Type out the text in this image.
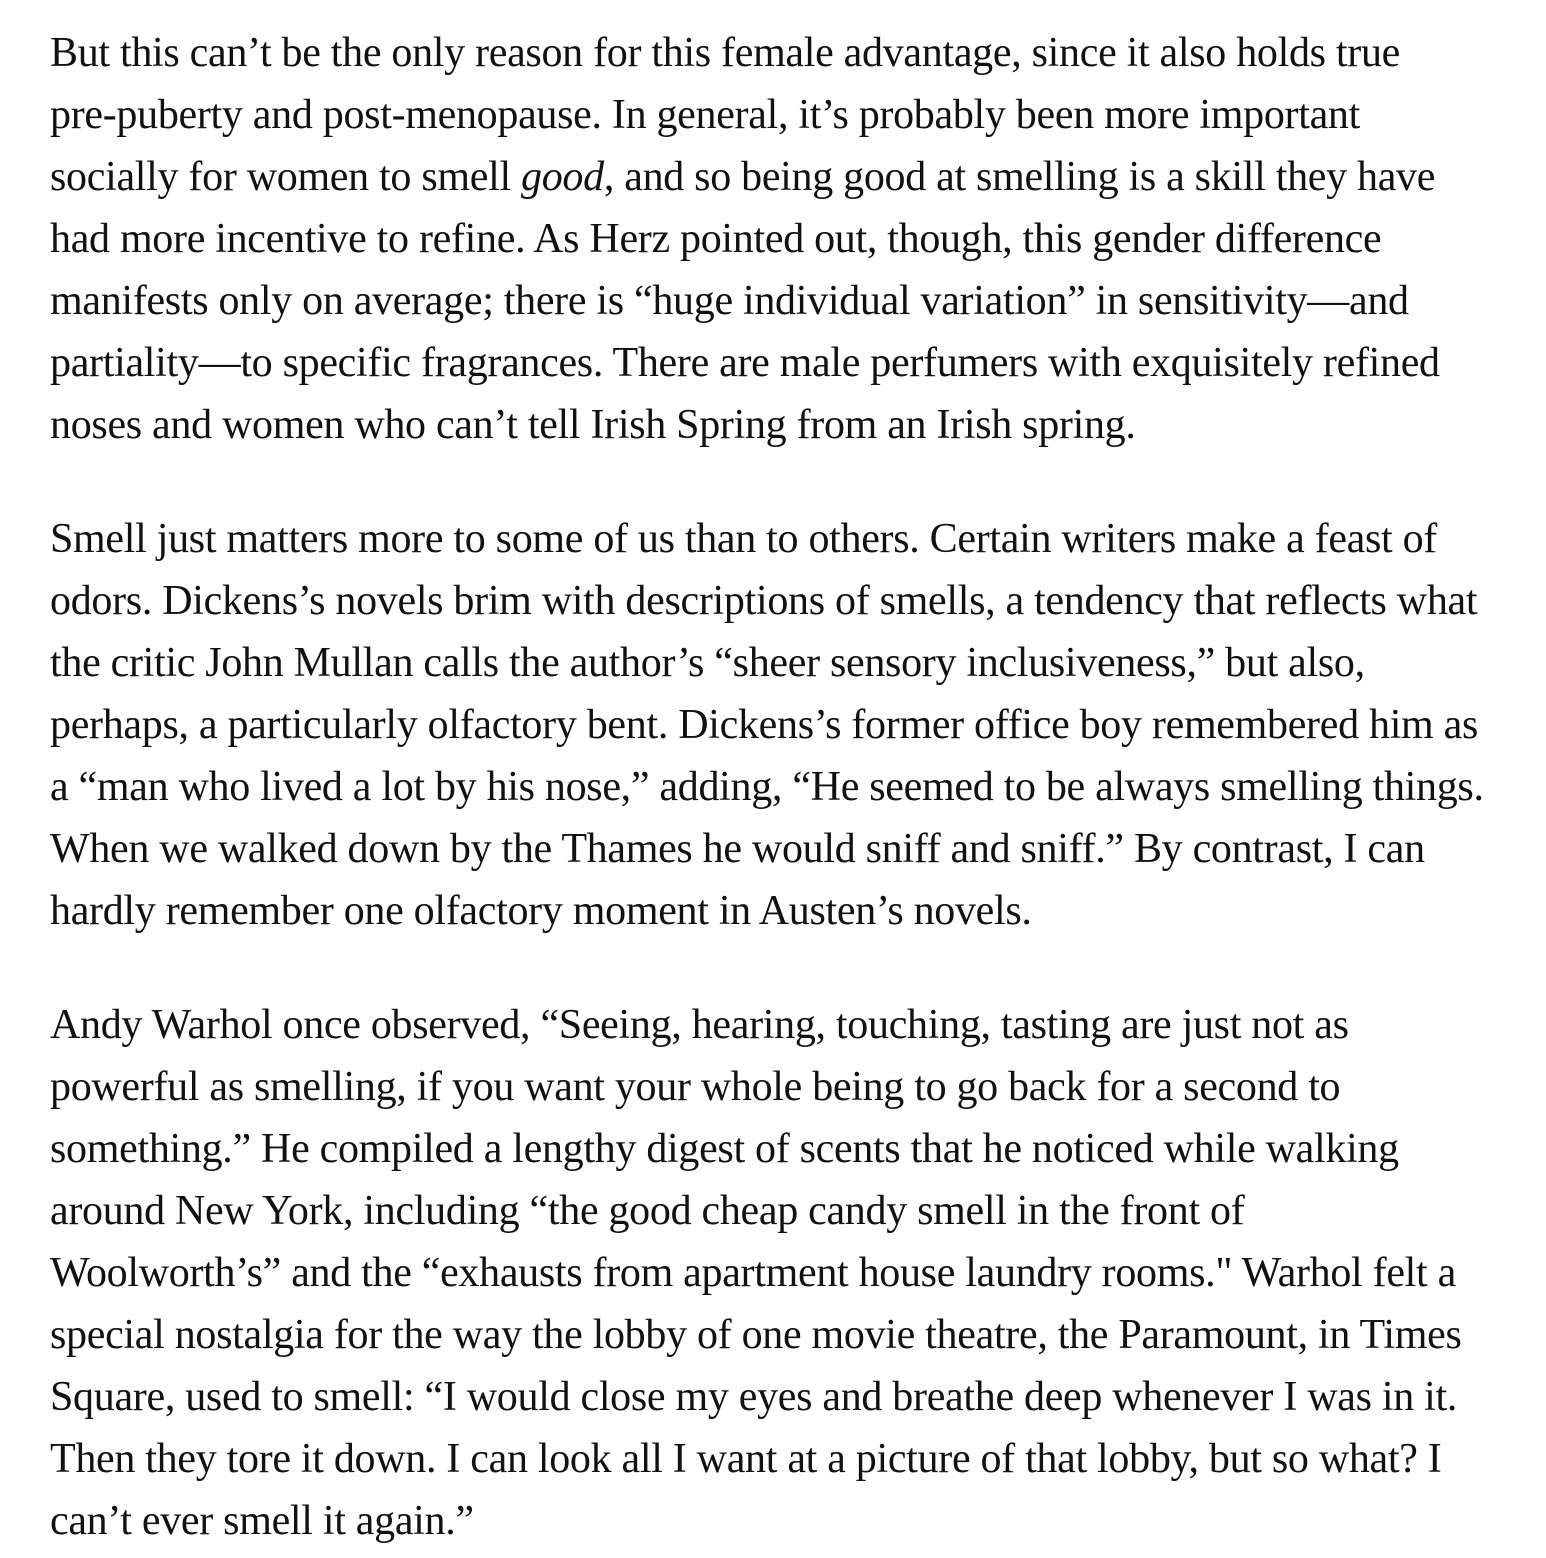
But this can’t be the only reason for this female advantage, since it also holds true
pre-puberty and post-menopause. In general, it’s probably been more important
socially for women to smell good, and so being good at smelling is a skill they have
had more incentive to refine. As Herz pointed out, though, this gender difference
manifests only on average; there is “huge individual variation” in sensitivity—and
partiality—to specific fragrances. There are male perfumers with exquisitely refined
noses and women who can’t tell Irish Spring from an Irish spring.

Smell just matters more to some of us than to others. Certain writers make a feast of
odors. Dickens’s novels brim with descriptions of smells, a tendency that reflects what
the critic John Mullan calls the author’s “sheer sensory inclusiveness,” but also,
perhaps, a particularly olfactory bent. Dickens’s former office boy remembered him as
a “man who lived a lot by his nose,” adding, “He seemed to be always smelling things.
When we walked down by the Thames he would sniff and sniff.” By contrast, I can
hardly remember one olfactory moment in Austen’s novels.

Andy Warhol once observed, “Seeing, hearing, touching, tasting are just not as
powerful as smelling, if you want your whole being to go back for a second to
something.” He compiled a lengthy digest of scents that he noticed while walking
around New York, including “the good cheap candy smell in the front of
Woolworth’s” and the “exhausts from apartment house laundry rooms." Warhol felt a
special nostalgia for the way the lobby of one movie theatre, the Paramount, in Times
Square, used to smell: “I would close my eyes and breathe deep whenever I was in it.
Then they tore it down. I can look all I want at a picture of that lobby, but so what? I
can’t ever smell it again.”
